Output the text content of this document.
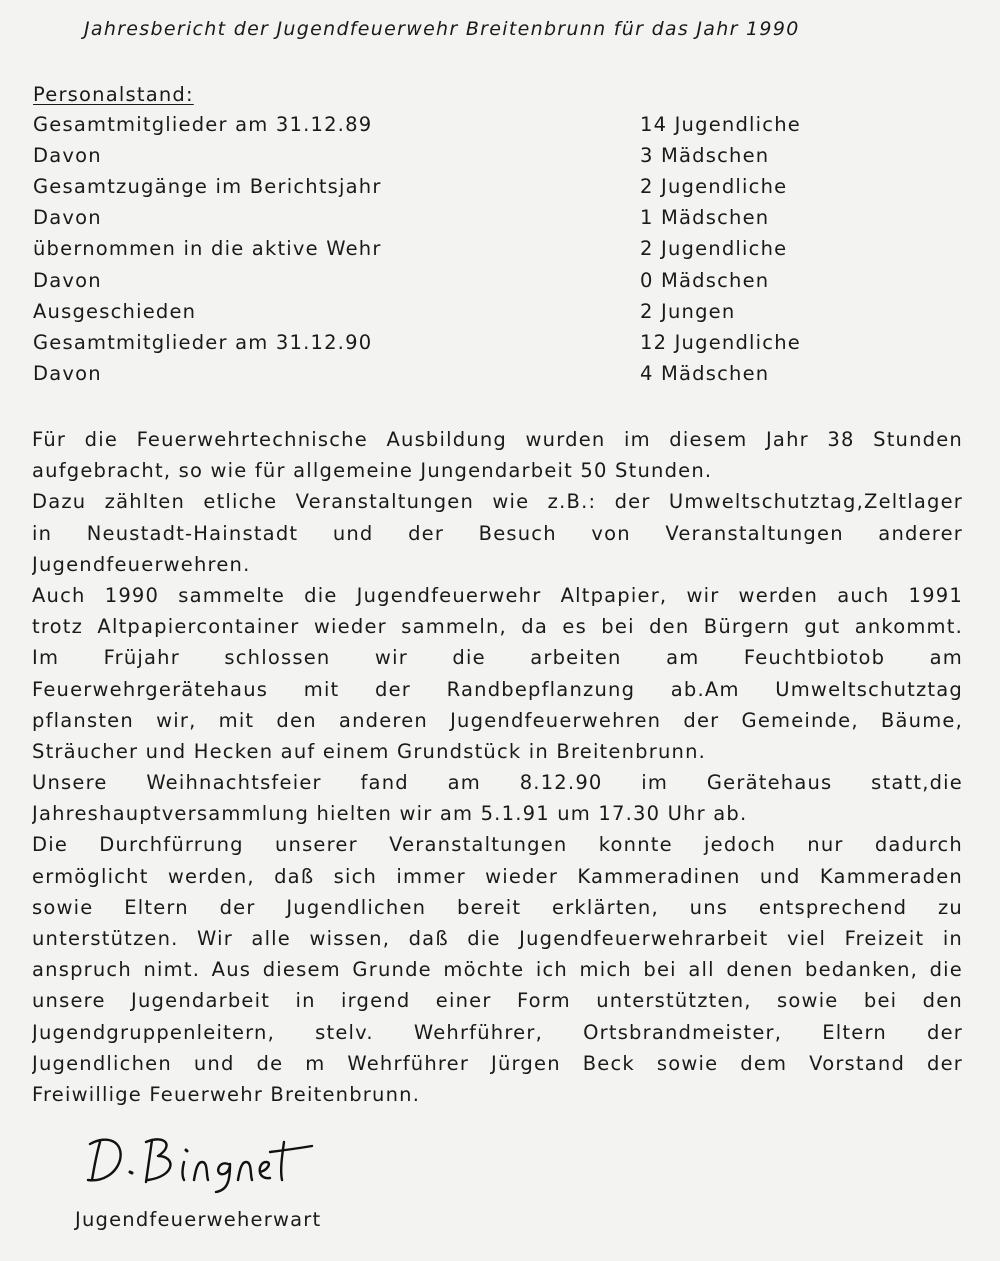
Jahresbericht der Jugendfeuerwehr Breitenbrunn für das Jahr 1990
Personalstand:
Gesamtmitglieder am 31.12.89	14 Jugendliche
Davon	3 Mädschen
Gesamtzugänge im Berichtsjahr	2 Jugendliche
Davon	1 Mädschen
übernommen in die aktive Wehr	2 Jugendliche
Davon	0 Mädschen
Ausgeschieden	2 Jungen
Gesamtmitglieder am 31.12.90	12 Jugendliche
Davon	4 Mädschen
Für die Feuerwehrtechnische Ausbildung wurden im diesem Jahr 38 Stunden
aufgebracht, so wie für allgemeine Jungendarbeit 50 Stunden.
Dazu zählten etliche Veranstaltungen wie z.B.: der Umweltschutztag,Zeltlager
in Neustadt-Hainstadt und der Besuch von Veranstaltungen anderer
Jugendfeuerwehren.
Auch 1990 sammelte die Jugendfeuerwehr Altpapier, wir werden auch 1991
trotz Altpapiercontainer wieder sammeln, da es bei den Bürgern gut ankommt.
Im Früjahr schlossen wir die arbeiten am Feuchtbiotob am
Feuerwehrgerätehaus mit der Randbepflanzung ab.Am Umweltschutztag
pflansten wir, mit den anderen Jugendfeuerwehren der Gemeinde, Bäume,
Sträucher und Hecken auf einem Grundstück in Breitenbrunn.
Unsere Weihnachtsfeier fand am 8.12.90 im Gerätehaus statt,die
Jahreshauptversammlung hielten wir am 5.1.91 um 17.30 Uhr ab.
Die Durchfürrung unserer Veranstaltungen konnte jedoch nur dadurch
ermöglicht werden, daß sich immer wieder Kammeradinen und Kammeraden
sowie Eltern der Jugendlichen bereit erklärten, uns entsprechend zu
unterstützen. Wir alle wissen, daß die Jugendfeuerwehrarbeit viel Freizeit in
anspruch nimt. Aus diesem Grunde möchte ich mich bei all denen bedanken, die
unsere Jugendarbeit in irgend einer Form unterstützten, sowie bei den
Jugendgruppenleitern, stelv. Wehrführer, Ortsbrandmeister, Eltern der
Jugendlichen und de m Wehrführer Jürgen Beck sowie dem Vorstand der
Freiwillige Feuerwehr Breitenbrunn.
Jugendfeuerweherwart
